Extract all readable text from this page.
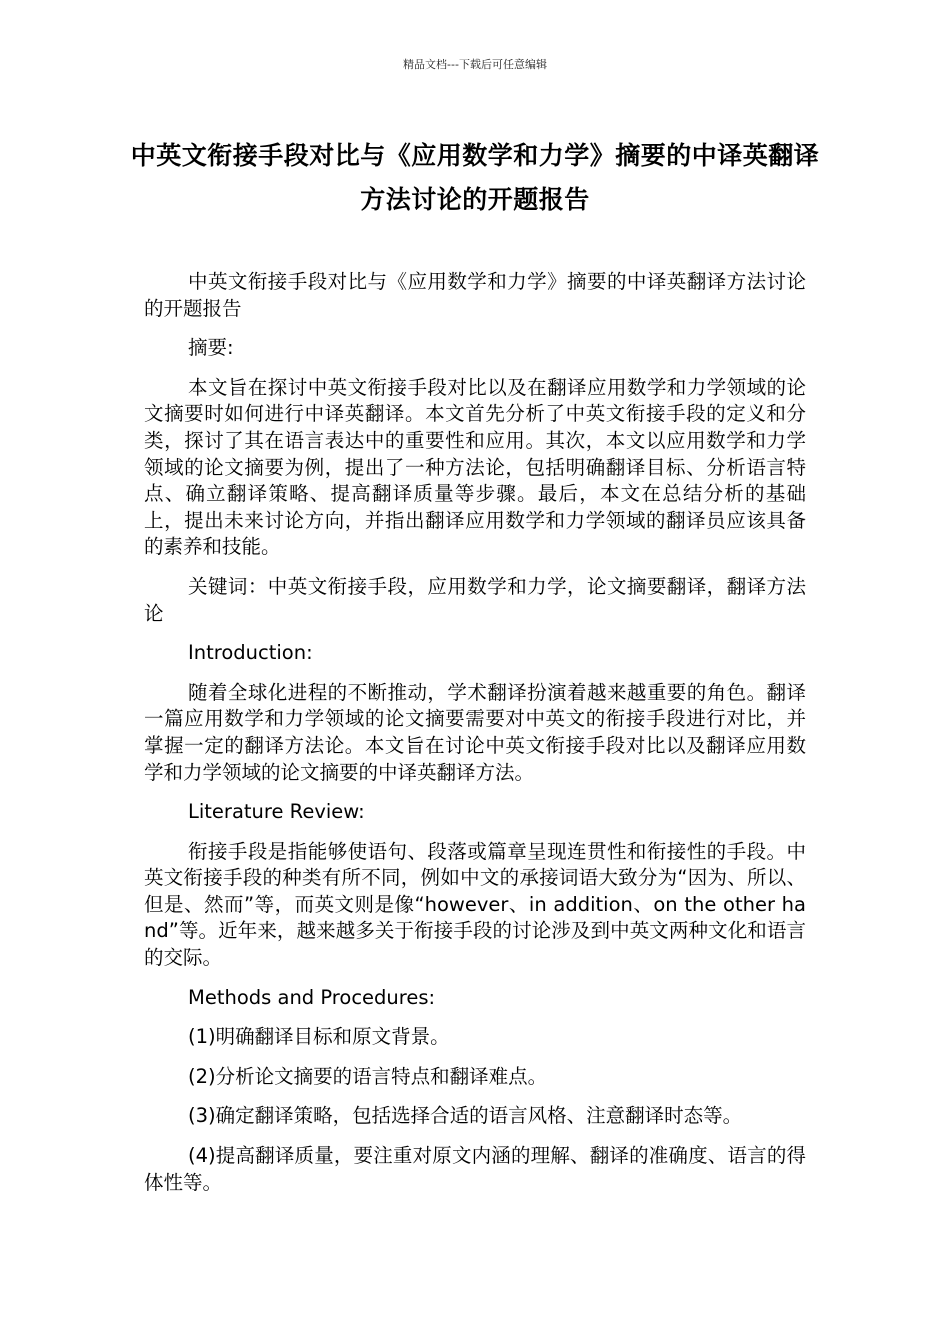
精品文档---下载后可任意编辑
中英文衔接手段对比与《应用数学和力学》摘要的中译英翻译方法讨论的开题报告

中英文衔接手段对比与《应用数学和力学》摘要的中译英翻译方法讨论的开题报告

摘要:

本文旨在探讨中英文衔接手段对比以及在翻译应用数学和力学领域的论文摘要时如何进行中译英翻译。本文首先分析了中英文衔接手段的定义和分类，探讨了其在语言表达中的重要性和应用。其次，本文以应用数学和力学领域的论文摘要为例，提出了一种方法论，包括明确翻译目标、分析语言特点、确立翻译策略、提高翻译质量等步骤。最后，本文在总结分析的基础上，提出未来讨论方向，并指出翻译应用数学和力学领域的翻译员应该具备的素养和技能。

关键词：中英文衔接手段，应用数学和力学，论文摘要翻译，翻译方法论

Introduction:

随着全球化进程的不断推动，学术翻译扮演着越来越重要的角色。翻译一篇应用数学和力学领域的论文摘要需要对中英文的衔接手段进行对比，并掌握一定的翻译方法论。本文旨在讨论中英文衔接手段对比以及翻译应用数学和力学领域的论文摘要的中译英翻译方法。

Literature Review:

衔接手段是指能够使语句、段落或篇章呈现连贯性和衔接性的手段。中英文衔接手段的种类有所不同，例如中文的承接词语大致分为“因为、所以、但是、然而”等，而英文则是像“however、in addition、on the other hand”等。近年来，越来越多关于衔接手段的讨论涉及到中英文两种文化和语言的交际。

Methods and Procedures:

(1)明确翻译目标和原文背景。

(2)分析论文摘要的语言特点和翻译难点。

(3)确定翻译策略，包括选择合适的语言风格、注意翻译时态等。

(4)提高翻译质量，要注重对原文内涵的理解、翻译的准确度、语言的得体性等。
